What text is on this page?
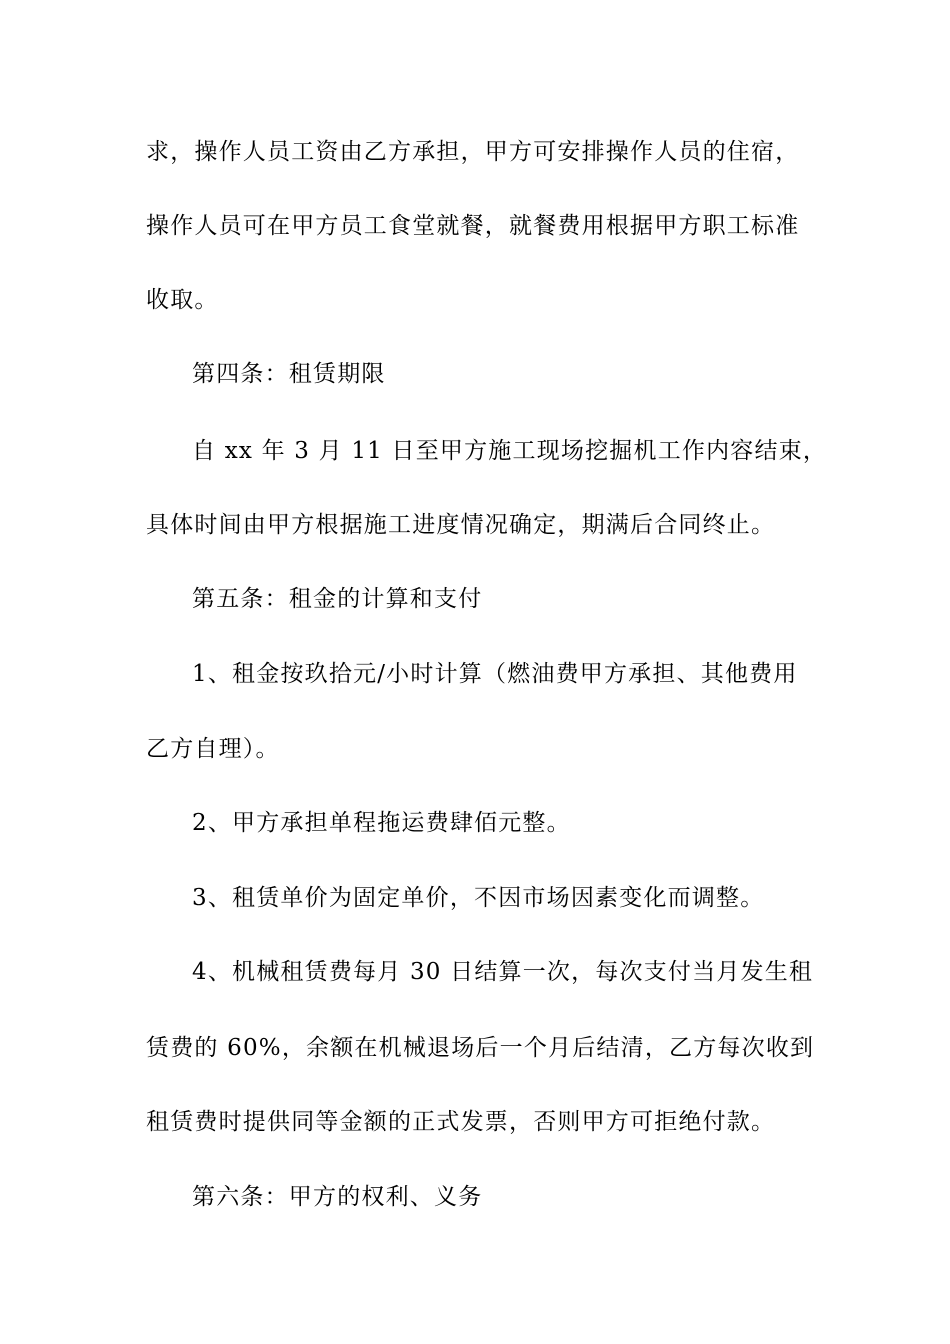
求，操作人员工资由乙方承担，甲方可安排操作人员的住宿，
操作人员可在甲方员工食堂就餐，就餐费用根据甲方职工标准
收取。
第四条：租赁期限
自 xx 年 3 月 11 日至甲方施工现场挖掘机工作内容结束，
具体时间由甲方根据施工进度情况确定，期满后合同终止。
第五条：租金的计算和支付
1、租金按玖拾元/小时计算（燃油费甲方承担、其他费用
乙方自理）。
2、甲方承担单程拖运费肆佰元整。
3、租赁单价为固定单价，不因市场因素变化而调整。
4、机械租赁费每月 30 日结算一次，每次支付当月发生租
赁费的 60%，余额在机械退场后一个月后结清，乙方每次收到
租赁费时提供同等金额的正式发票，否则甲方可拒绝付款。
第六条：甲方的权利、义务
